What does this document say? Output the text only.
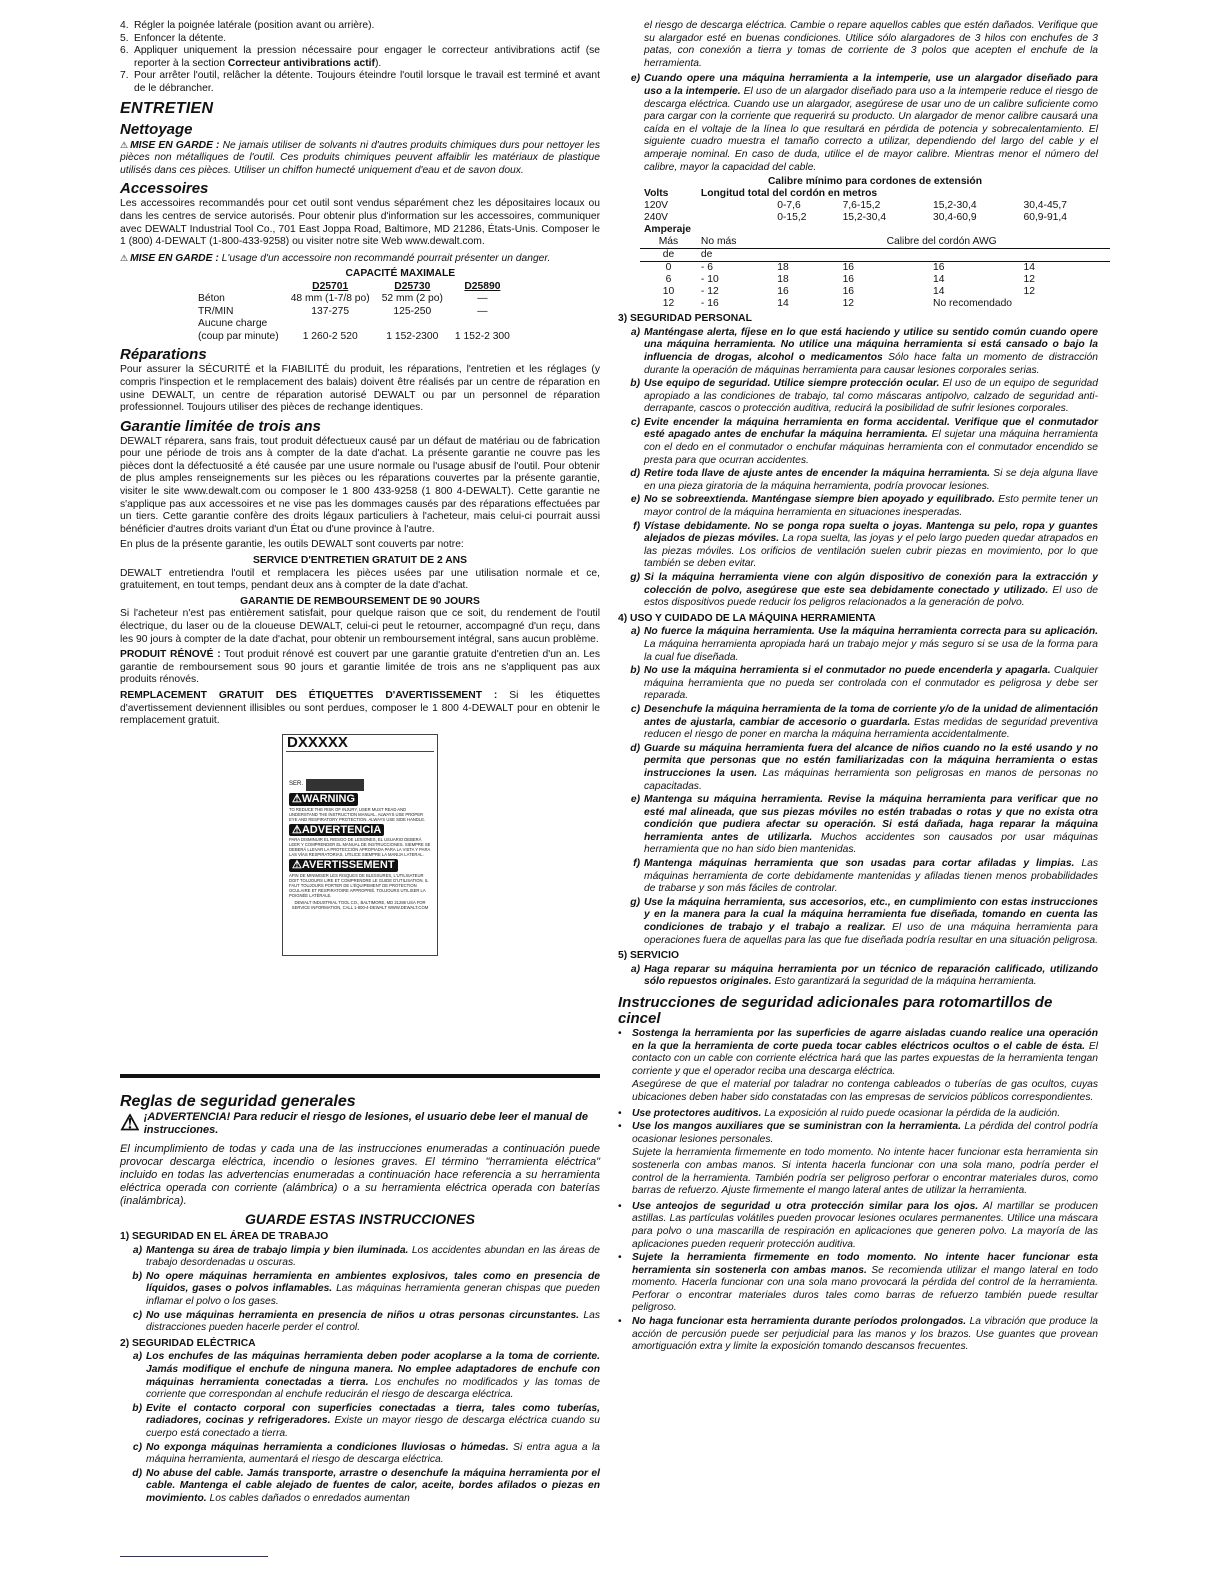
4. Régler la poignée latérale (position avant ou arrière).
5. Enfoncer la détente.
6. Appliquer uniquement la pression nécessaire pour engager le correcteur antivibrations actif (se reporter à la section Correcteur antivibrations actif).
7. Pour arrêter l'outil, relâcher la détente. Toujours éteindre l'outil lorsque le travail est terminé et avant de le débrancher.
ENTRETIEN
Nettoyage

⚠ MISE EN GARDE : Ne jamais utiliser de solvants ni d'autres produits chimiques durs pour nettoyer les pièces non métalliques de l'outil. Ces produits chimiques peuvent affaiblir les matériaux de plastique utilisés dans ces pièces. Utiliser un chiffon humecté uniquement d'eau et de savon doux.

Accessoires

Les accessoires recommandés pour cet outil sont vendus séparément chez les dépositaires locaux ou dans les centres de service autorisés. Pour obtenir plus d'information sur les accessoires, communiquer avec DEWALT Industrial Tool Co., 701 East Joppa Road, Baltimore, MD 21286, États-Unis. Composer le 1 (800) 4-DEWALT (1-800-433-9258) ou visiter notre site Web www.dewalt.com.

⚠ MISE EN GARDE : L'usage d'un accessoire non recommandé pourrait présenter un danger.

	CAPACITÉ MAXIMALE		
	D25701	D25730	D25890
Béton	48 mm (1-7/8 po)	52 mm (2 po)	—
TR/MIN	137-275	125-250	—
Aucune charge			
(coup par minute)	1 260-2 520	1 152-2300	1 152-2 300
Réparations

Pour assurer la SÉCURITÉ et la FIABILITÉ du produit, les réparations, l'entretien et les réglages (y compris l'inspection et le remplacement des balais) doivent être réalisés par un centre de réparation en usine DEWALT, un centre de réparation autorisé DEWALT ou par un personnel de réparation professionnel. Toujours utiliser des pièces de rechange identiques.

Garantie limitée de trois ans

DEWALT réparera, sans frais, tout produit défectueux causé par un défaut de matériau ou de fabrication pour une période de trois ans à compter de la date d'achat. La présente garantie ne couvre pas les pièces dont la défectuosité a été causée par une usure normale ou l'usage abusif de l'outil. Pour obtenir de plus amples renseignements sur les pièces ou les réparations couvertes par la présente garantie, visiter le site www.dewalt.com ou composer le 1 800 433-9258 (1 800 4-DEWALT). Cette garantie ne s'applique pas aux accessoires et ne vise pas les dommages causés par des réparations effectuées par un tiers. Cette garantie confère des droits légaux particuliers à l'acheteur, mais celui-ci pourrait aussi bénéficier d'autres droits variant d'un État ou d'une province à l'autre.

En plus de la présente garantie, les outils DEWALT sont couverts par notre:

SERVICE D'ENTRETIEN GRATUIT DE 2 ANS

DEWALT entretiendra l'outil et remplacera les pièces usées par une utilisation normale et ce, gratuitement, en tout temps, pendant deux ans à compter de la date d'achat.

GARANTIE DE REMBOURSEMENT DE 90 JOURS

Si l'acheteur n'est pas entièrement satisfait, pour quelque raison que ce soit, du rendement de l'outil électrique, du laser ou de la cloueuse DEWALT, celui-ci peut le retourner, accompagné d'un reçu, dans les 90 jours à compter de la date d'achat, pour obtenir un remboursement intégral, sans aucun problème.

PRODUIT RÉNOVÉ : Tout produit rénové est couvert par une garantie gratuite d'entretien d'un an. Les garantie de remboursement sous 90 jours et garantie limitée de trois ans ne s'appliquent pas aux produits rénovés.

REMPLACEMENT GRATUIT DES ÉTIQUETTES D'AVERTISSEMENT : Si les étiquettes d'avertissement deviennent illisibles ou sont perdues, composer le 1 800 4-DEWALT pour en obtenir le remplacement gratuit.

DXXXXX
SER.
⚠WARNING
TO REDUCE THE RISK OF INJURY, USER MUST READ AND UNDERSTAND THE INSTRUCTION MANUAL. ALWAYS USE PROPER EYE AND RESPIRATORY PROTECTION. ALWAYS USE SIDE HANDLE.
⚠ADVERTENCIA
PARA DISMINUIR EL RIESGO DE LESIONES, EL USUARIO DEBERÁ LEER Y COMPRENDER EL MANUAL DE INSTRUCCIONES. SIEMPRE SE DEBERÁ LLEVAR LA PROTECCIÓN APROPIADA PARA LA VISTA Y PARA LAS VÍAS RESPIRATORIAS. UTILICE SIEMPRE LA MANIJA LATERAL.
⚠AVERTISSEMENT
AFIN DE MINIMISER LES RISQUES DE BLESSURES, L'UTILISATEUR DOIT TOUJOURS LIRE ET COMPRENDRE LE GUIDE D'UTILISATION. IL FAUT TOUJOURS PORTER DE L'ÉQUIPEMENT DE PROTECTION OCULAIRE ET RESPIRATOIRE APPROPRIÉ. TOUJOURS UTILISER LA POIGNÉE LATÉRALE.
DEWALT INDUSTRIAL TOOL CO., BALTIMORE, MD 21286 USA FOR SERVICE INFORMATION, CALL 1-800-4-DEWALT WWW.DEWALT.COM
Reglas de seguridad generales
⚠ ¡ADVERTENCIA! Para reducir el riesgo de lesiones, el usuario debe leer el manual de instrucciones.

El incumplimiento de todas y cada una de las instrucciones enumeradas a continuación puede provocar descarga eléctrica, incendio o lesiones graves. El término "herramienta eléctrica" incluido en todas las advertencias enumeradas a continuación hace referencia a su herramienta eléctrica operada con corriente (alámbrica) o a su herramienta eléctrica operada con baterías (inalámbrica).

GUARDE ESTAS INSTRUCCIONES
1) SEGURIDAD EN EL ÁREA DE TRABAJO
a) Mantenga su área de trabajo limpia y bien iluminada. Los accidentes abundan en las áreas de trabajo desordenadas u oscuras.
b) No opere máquinas herramienta en ambientes explosivos, tales como en presencia de líquidos, gases o polvos inflamables. Las máquinas herramienta generan chispas que pueden inflamar el polvo o los gases.
c) No use máquinas herramienta en presencia de niños u otras personas circunstantes. Las distracciones pueden hacerle perder el control.
2) SEGURIDAD ELÉCTRICA
a) Los enchufes de las máquinas herramienta deben poder acoplarse a la toma de corriente. Jamás modifique el enchufe de ninguna manera. No emplee adaptadores de enchufe con máquinas herramienta conectadas a tierra. Los enchufes no modificados y las tomas de corriente que correspondan al enchufe reducirán el riesgo de descarga eléctrica.
b) Evite el contacto corporal con superficies conectadas a tierra, tales como tuberías, radiadores, cocinas y refrigeradores. Existe un mayor riesgo de descarga eléctrica cuando su cuerpo está conectado a tierra.
c) No exponga máquinas herramienta a condiciones lluviosas o húmedas. Si entra agua a la máquina herramienta, aumentará el riesgo de descarga eléctrica.
d) No abuse del cable. Jamás transporte, arrastre o desenchufe la máquina herramienta por el cable. Mantenga el cable alejado de fuentes de calor, aceite, bordes afilados o piezas en movimiento. Los cables dañados o enredados aumentan

el riesgo de descarga eléctrica. Cambie o repare aquellos cables que estén dañados. Verifique que su alargador esté en buenas condiciones. Utilice sólo alargadores de 3 hilos con enchufes de 3 patas, con conexión a tierra y tomas de corriente de 3 polos que acepten el enchufe de la herramienta.

e) Cuando opere una máquina herramienta a la intemperie, use un alargador diseñado para uso a la intemperie. El uso de un alargador diseñado para uso a la intemperie reduce el riesgo de descarga eléctrica. Cuando use un alargador, asegúrese de usar uno de un calibre suficiente como para cargar con la corriente que requerirá su producto. Un alargador de menor calibre causará una caída en el voltaje de la línea lo que resultará en pérdida de potencia y sobrecalentamiento. El siguiente cuadro muestra el tamaño correcto a utilizar, dependiendo del largo del cable y el amperaje nominal. En caso de duda, utilice el de mayor calibre. Mientras menor el número del calibre, mayor la capacidad del cable.
Calibre mínimo para cordones de extensión					
Volts	Longitud total del cordón en metros				
120V		0-7,6	7,6-15,2	15,2-30,4	30,4-45,7
240V		0-15,2	15,2-30,4	30,4-60,9	60,9-91,4
Amperaje					
Más	No más	Calibre del cordón AWG			
de	de				
0	- 6	18	16	16	14
6	- 10	18	16	14	12
10	- 12	16	16	14	12
12	- 16	14	12	No recomendado	
3) SEGURIDAD PERSONAL
a) Manténgase alerta, fíjese en lo que está haciendo y utilice su sentido común cuando opere una máquina herramienta. No utilice una máquina herramienta si está cansado o bajo la influencia de drogas, alcohol o medicamentos Sólo hace falta un momento de distracción durante la operación de máquinas herramienta para causar lesiones corporales serias.
b) Use equipo de seguridad. Utilice siempre protección ocular. El uso de un equipo de seguridad apropiado a las condiciones de trabajo, tal como máscaras antipolvo, calzado de seguridad anti-derrapante, cascos o protección auditiva, reducirá la posibilidad de sufrir lesiones corporales.
c) Evite encender la máquina herramienta en forma accidental. Verifique que el conmutador esté apagado antes de enchufar la máquina herramienta. El sujetar una máquina herramienta con el dedo en el conmutador o enchufar máquinas herramienta con el conmutador encendido se presta para que ocurran accidentes.
d) Retire toda llave de ajuste antes de encender la máquina herramienta. Si se deja alguna llave en una pieza giratoria de la máquina herramienta, podría provocar lesiones.
e) No se sobreextienda. Manténgase siempre bien apoyado y equilibrado. Esto permite tener un mayor control de la máquina herramienta en situaciones inesperadas.
f) Vístase debidamente. No se ponga ropa suelta o joyas. Mantenga su pelo, ropa y guantes alejados de piezas móviles. La ropa suelta, las joyas y el pelo largo pueden quedar atrapados en las piezas móviles. Los orificios de ventilación suelen cubrir piezas en movimiento, por lo que también se deben evitar.
g) Si la máquina herramienta viene con algún dispositivo de conexión para la extracción y colección de polvo, asegúrese que este sea debidamente conectado y utilizado. El uso de estos dispositivos puede reducir los peligros relacionados a la generación de polvo.
4) USO Y CUIDADO DE LA MÁQUINA HERRAMIENTA
a) No fuerce la máquina herramienta. Use la máquina herramienta correcta para su aplicación. La máquina herramienta apropiada hará un trabajo mejor y más seguro si se usa de la forma para la cual fue diseñada.
b) No use la máquina herramienta si el conmutador no puede encenderla y apagarla. Cualquier máquina herramienta que no pueda ser controlada con el conmutador es peligrosa y debe ser reparada.
c) Desenchufe la máquina herramienta de la toma de corriente y/o de la unidad de alimentación antes de ajustarla, cambiar de accesorio o guardarla. Estas medidas de seguridad preventiva reducen el riesgo de poner en marcha la máquina herramienta accidentalmente.
d) Guarde su máquina herramienta fuera del alcance de niños cuando no la esté usando y no permita que personas que no estén familiarizadas con la máquina herramienta o estas instrucciones la usen. Las máquinas herramienta son peligrosas en manos de personas no capacitadas.
e) Mantenga su máquina herramienta. Revise la máquina herramienta para verificar que no esté mal alineada, que sus piezas móviles no estén trabadas o rotas y que no exista otra condición que pudiera afectar su operación. Si está dañada, haga reparar la máquina herramienta antes de utilizarla. Muchos accidentes son causados por usar máquinas herramienta que no han sido bien mantenidas.
f) Mantenga máquinas herramienta que son usadas para cortar afiladas y limpias. Las máquinas herramienta de corte debidamente mantenidas y afiladas tienen menos probabilidades de trabarse y son más fáciles de controlar.
g) Use la máquina herramienta, sus accesorios, etc., en cumplimiento con estas instrucciones y en la manera para la cual la máquina herramienta fue diseñada, tomando en cuenta las condiciones de trabajo y el trabajo a realizar. El uso de una máquina herramienta para operaciones fuera de aquellas para las que fue diseñada podría resultar en una situación peligrosa.
5) SERVICIO
a) Haga reparar su máquina herramienta por un técnico de reparación calificado, utilizando sólo repuestos originales. Esto garantizará la seguridad de la máquina herramienta.
Instrucciones de seguridad adicionales para rotomartillos de cincel
•	Sostenga la herramienta por las superficies de agarre aisladas cuando realice una operación en la que la herramienta de corte pueda tocar cables eléctricos ocultos o el cable de ésta. El contacto con un cable con corriente eléctrica hará que las partes expuestas de la herramienta tengan corriente y que el operador reciba una descarga eléctrica.

Asegúrese de que el material por taladrar no contenga cableados o tuberías de gas ocultos, cuyas ubicaciones deben haber sido constatadas con las empresas de servicios públicos correspondientes.

•	Use protectores auditivos. La exposición al ruido puede ocasionar la pérdida de la audición.
•	Use los mangos auxiliares que se suministran con la herramienta. La pérdida del control podría ocasionar lesiones personales.

Sujete la herramienta firmemente en todo momento. No intente hacer funcionar esta herramienta sin sostenerla con ambas manos. Si intenta hacerla funcionar con una sola mano, podría perder el control de la herramienta. También podría ser peligroso perforar o encontrar materiales duros, como barras de refuerzo. Ajuste firmemente el mango lateral antes de utilizar la herramienta.

•	Use anteojos de seguridad u otra protección similar para los ojos. Al martillar se producen astillas. Las partículas volátiles pueden provocar lesiones oculares permanentes. Utilice una máscara para polvo o una mascarilla de respiración en aplicaciones que generen polvo. La mayoría de las aplicaciones pueden requerir protección auditiva.
•	Sujete la herramienta firmemente en todo momento. No intente hacer funcionar esta herramienta sin sostenerla con ambas manos. Se recomienda utilizar el mango lateral en todo momento. Hacerla funcionar con una sola mano provocará la pérdida del control de la herramienta. Perforar o encontrar materiales duros tales como barras de refuerzo también puede resultar peligroso.
•	No haga funcionar esta herramienta durante períodos prolongados. La vibración que produce la acción de percusión puede ser perjudicial para las manos y los brazos. Use guantes que provean amortiguación extra y limite la exposición tomando descansos frecuentes.
